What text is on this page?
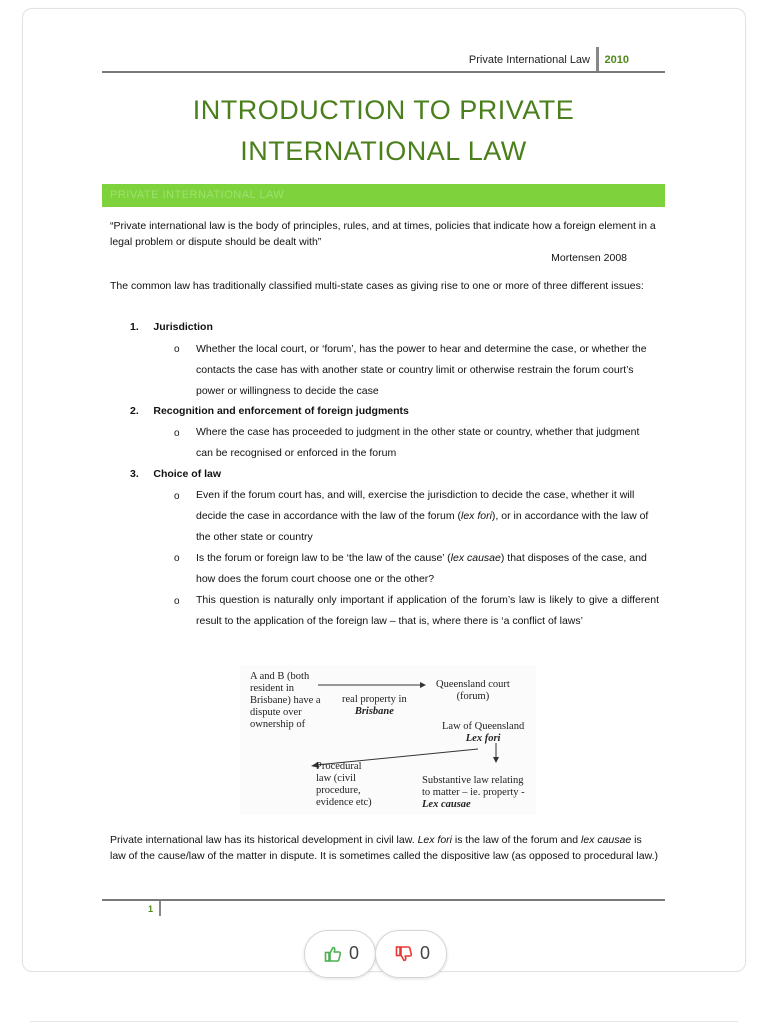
Private International Law 2010
INTRODUCTION TO PRIVATE
INTERNATIONAL LAW
PRIVATE INTERNATIONAL LAW
“Private international law is the body of principles, rules, and at times, policies that indicate how a foreign element in a legal problem or dispute should be dealt with”
Mortensen 2008
The common law has traditionally classified multi-state cases as giving rise to one or more of three different issues:
1. Jurisdiction
o Whether the local court, or ‘forum’, has the power to hear and determine the case, or whether the contacts the case has with another state or country limit or otherwise restrain the forum court’s power or willingness to decide the case
2. Recognition and enforcement of foreign judgments
o Where the case has proceeded to judgment in the other state or country, whether that judgment can be recognised or enforced in the forum
3. Choice of law
o Even if the forum court has, and will, exercise the jurisdiction to decide the case, whether it will decide the case in accordance with the law of the forum (lex fori), or in accordance with the law of the other state or country
o Is the forum or foreign law to be ‘the law of the cause’ (lex causae) that disposes of the case, and how does the forum court choose one or the other?
o This question is naturally only important if application of the forum’s law is likely to give a different result to the application of the foreign law – that is, where there is ‘a conflict of laws’
A and B (both
resident in
Brisbane) have a
dispute over
ownership of
real property in
Brisbane
Queensland court
(forum)
Law of Queensland
Lex fori
Procedural
law (civil
procedure,
evidence etc)
Substantive law relating
to matter – ie. property -
Lex causae
Private international law has its historical development in civil law. Lex fori is the law of the forum and lex causae is law of the cause/law of the matter in dispute. It is sometimes called the dispositive law (as opposed to procedural law.)
1
0	0
